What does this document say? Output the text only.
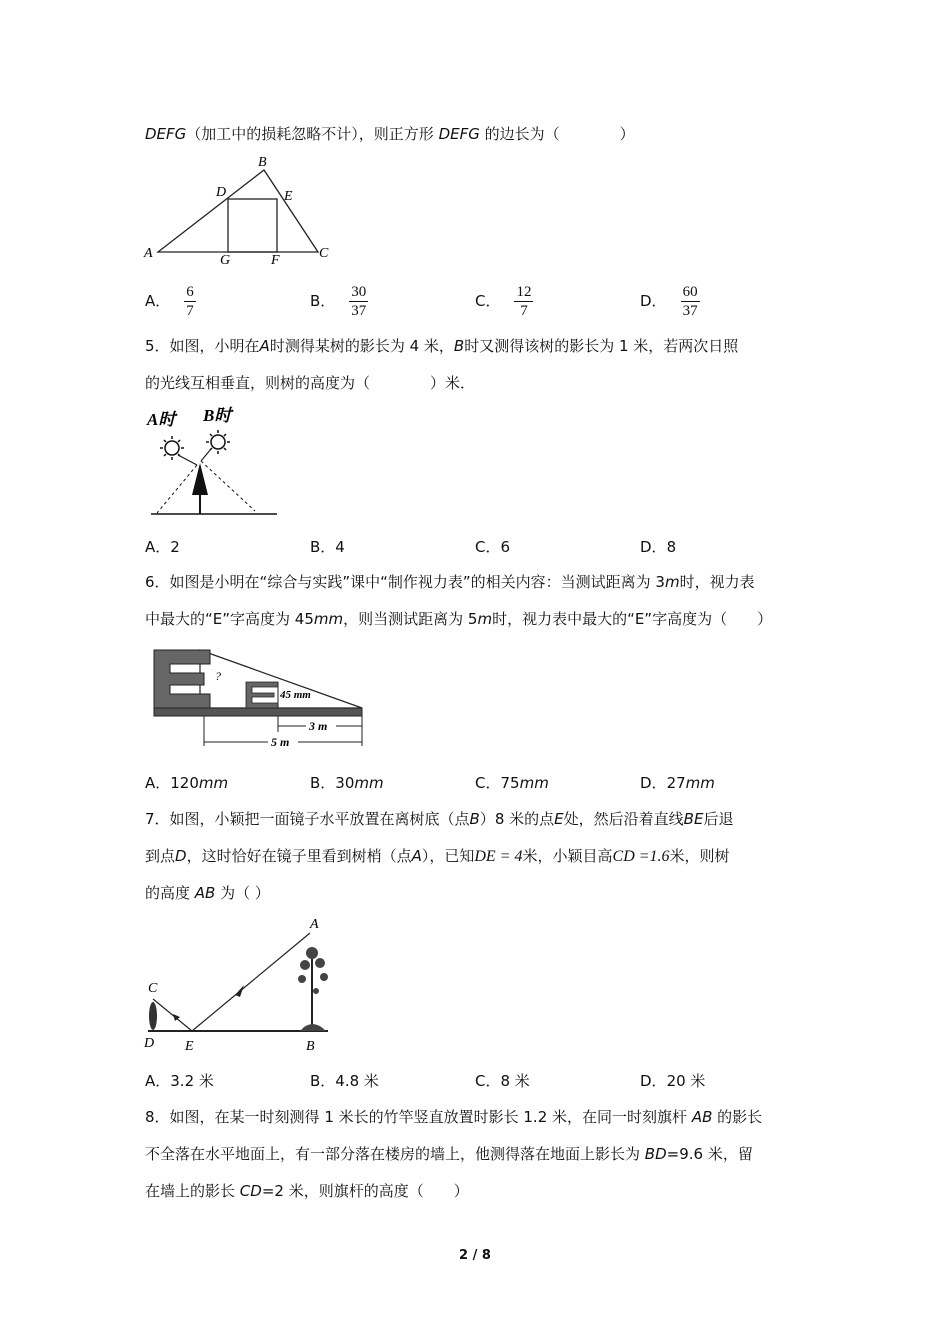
DEFG（加工中的损耗忽略不计），则正方形 DEFG 的边长为（　　　　）
A
B
C
D	E
F
G
A． $\frac{6}{7}$	B． $\frac{30}{37}$	C． $\frac{12}{7}$	D． $\frac{60}{37}$
5．如图，小明在A时测得某树的影长为 4 米，B时又测得该树的影长为 1 米，若两次日照
的光线互相垂直，则树的高度为（　　　　）米．
A时 B时
A．2	B．4	C．6	D．8
6．如图是小明在“综合与实践”课中“制作视力表”的相关内容：当测试距离为 3m时，视力表
中最大的“E”字高度为 45mm，则当测试距离为 5m时，视力表中最大的“E”字高度为（　　）
?
45 mm
3 m
5 m
A．120mm	B．30mm	C．75mm	D．27mm
7．如图，小颖把一面镜子水平放置在离树底（点B）8 米的点E处，然后沿着直线BE后退
到点D，这时恰好在镜子里看到树梢（点A），已知DE = 4米，小颖目高CD =1.6米，则树
的高度 AB 为（ ）
A
B
C
D E
A．3.2 米	B．4.8 米	C．8 米	D．20 米
8．如图，在某一时刻测得 1 米长的竹竿竖直放置时影长 1.2 米，在同一时刻旗杆 AB 的影长
不全落在水平地面上，有一部分落在楼房的墙上，他测得落在地面上影长为 BD=9.6 米，留
在墙上的影长 CD=2 米，则旗杆的高度（　　）
2 / 8
